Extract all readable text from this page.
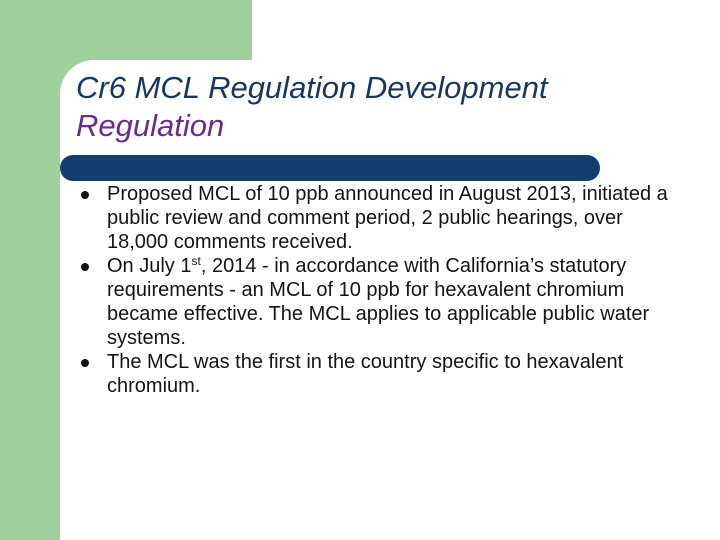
Cr6 MCL Regulation Development
Regulation
Proposed MCL of 10 ppb announced in August 2013, initiated a public review and comment period, 2 public hearings, over 18,000 comments received.
On July 1st, 2014 - in accordance with California’s statutory requirements - an MCL of 10 ppb for hexavalent chromium became effective. The MCL applies to applicable public water systems.
The MCL was the first in the country specific to hexavalent chromium.
